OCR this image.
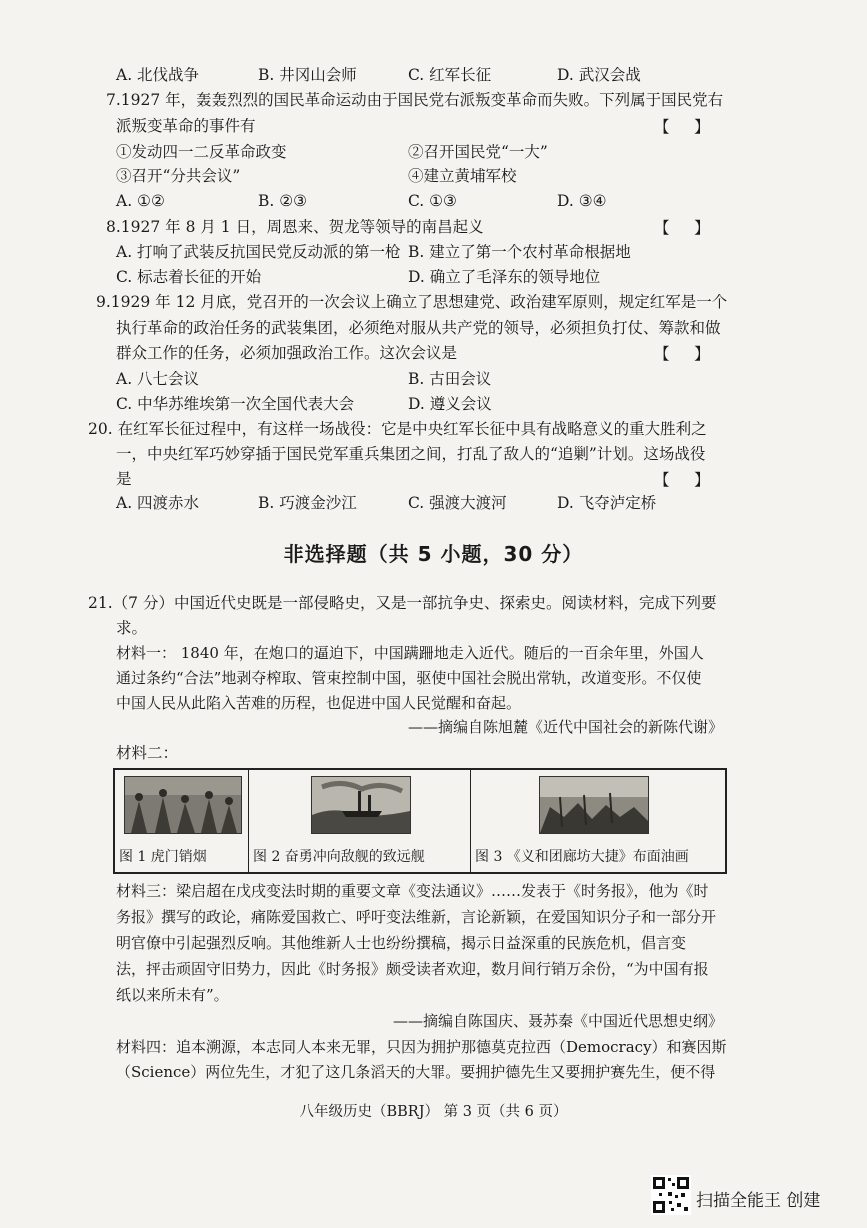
A. 北伐战争	B. 井冈山会师	C. 红军长征	D. 武汉会战
7.1927 年，轰轰烈烈的国民革命运动由于国民党右派叛变革命而失败。下列属于国民党右
派叛变革命的事件有	【     】
①发动四一二反革命政变	②召开国民党“一大”
③召开“分共会议”	④建立黄埔军校
A. ①②	B. ②③	C. ①③	D. ③④
8.1927 年 8 月 1 日，周恩来、贺龙等领导的南昌起义	【     】
A. 打响了武装反抗国民党反动派的第一枪 B. 建立了第一个农村革命根据地
C. 标志着长征的开始	D. 确立了毛泽东的领导地位
9.1929 年 12 月底，党召开的一次会议上确立了思想建党、政治建军原则，规定红军是一个
执行革命的政治任务的武装集团，必须绝对服从共产党的领导，必须担负打仗、筹款和做
群众工作的任务，必须加强政治工作。这次会议是	【     】
A. 八七会议	B. 古田会议
C. 中华苏维埃第一次全国代表大会	D. 遵义会议
20. 在红军长征过程中，有这样一场战役：它是中央红军长征中具有战略意义的重大胜利之
一，中央红军巧妙穿插于国民党军重兵集团之间，打乱了敌人的“追剿”计划。这场战役
是	【     】
A. 四渡赤水	B. 巧渡金沙江	C. 强渡大渡河	D. 飞夺泸定桥
非选择题（共 5 小题，30 分）
21.（7 分）中国近代史既是一部侵略史，又是一部抗争史、探索史。阅读材料，完成下列要
求。
材料一： 1840 年，在炮口的逼迫下，中国蹒跚地走入近代。随后的一百余年里，外国人
通过条约“合法”地剥夺榨取、管束控制中国，驱使中国社会脱出常轨，改道变形。不仅使
中国人民从此陷入苦难的历程，也促进中国人民觉醒和奋起。
——摘编自陈旭麓《近代中国社会的新陈代谢》
材料二：
图 1 虎门销烟	图 2 奋勇冲向敌舰的致远舰	图 3 《义和团廊坊大捷》布面油画
材料三：梁启超在戊戌变法时期的重要文章《变法通议》……发表于《时务报》，他为《时
务报》撰写的政论，痛陈爱国救亡、呼吁变法维新，言论新颖，在爱国知识分子和一部分开
明官僚中引起强烈反响。其他维新人士也纷纷撰稿，揭示日益深重的民族危机，倡言变
法，抨击顽固守旧势力，因此《时务报》颇受读者欢迎，数月间行销万余份，“为中国有报
纸以来所未有”。
——摘编自陈国庆、聂苏秦《中国近代思想史纲》
材料四：追本溯源，本志同人本来无罪，只因为拥护那德莫克拉西（Democracy）和赛因斯
（Science）两位先生，才犯了这几条滔天的大罪。要拥护德先生又要拥护赛先生，便不得
八年级历史（BBRJ） 第 3 页（共 6 页）
扫描全能王 创建
